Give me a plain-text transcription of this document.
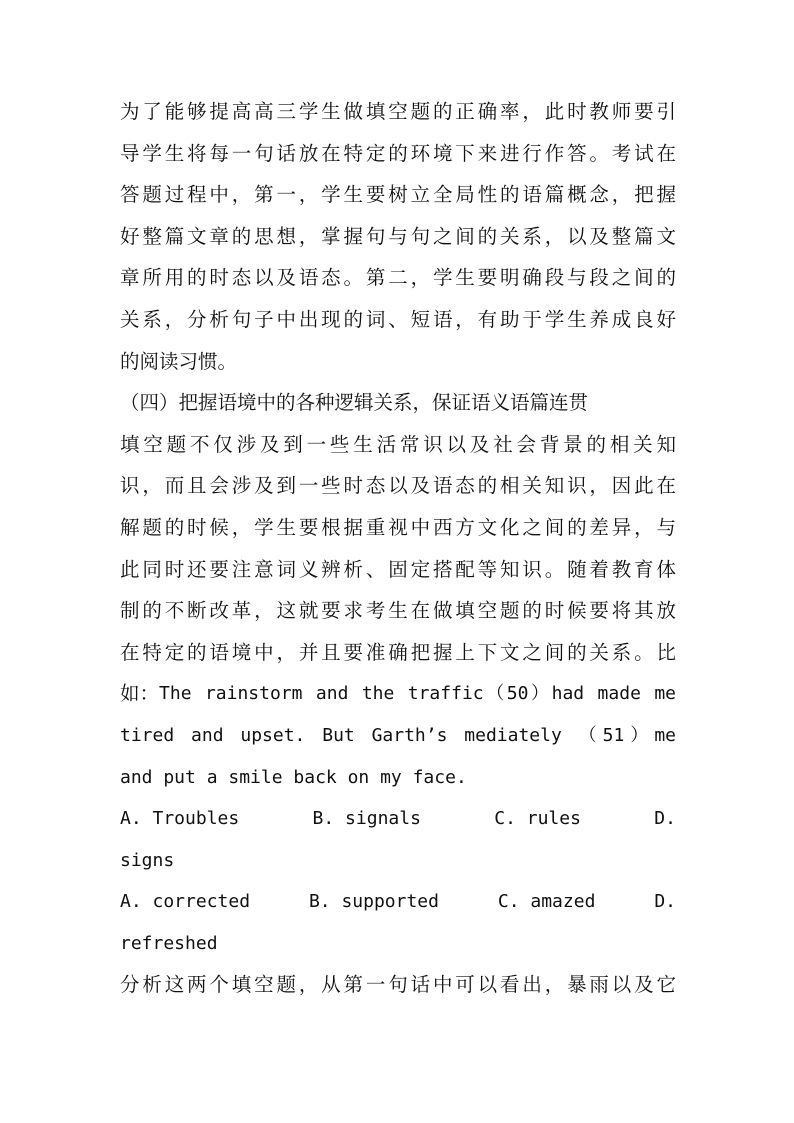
为了能够提高高三学生做填空题的正确率，此时教师要引
导学生将每一句话放在特定的环境下来进行作答。考试在
答题过程中，第一，学生要树立全局性的语篇概念，把握
好整篇文章的思想，掌握句与句之间的关系，以及整篇文
章所用的时态以及语态。第二，学生要明确段与段之间的
关系，分析句子中出现的词、短语，有助于学生养成良好
的阅读习惯。
（四）把握语境中的各种逻辑关系，保证语义语篇连贯
填空题不仅涉及到一些生活常识以及社会背景的相关知
识，而且会涉及到一些时态以及语态的相关知识，因此在
解题的时候，学生要根据重视中西方文化之间的差异，与
此同时还要注意词义辨析、固定搭配等知识。随着教育体
制的不断改革，这就要求考生在做填空题的时候要将其放
在特定的语境中，并且要准确把握上下文之间的关系。比
如： The rainstorm and the traffic（50）had made me
tired and upset. But Garth’s mediately （51）me
and put a smile back on my face.
A. Troubles	B. signals	C. rules	D.
signs
A. corrected	B. supported	C. amazed	D.
refreshed
分析这两个填空题，从第一句话中可以看出，暴雨以及它
